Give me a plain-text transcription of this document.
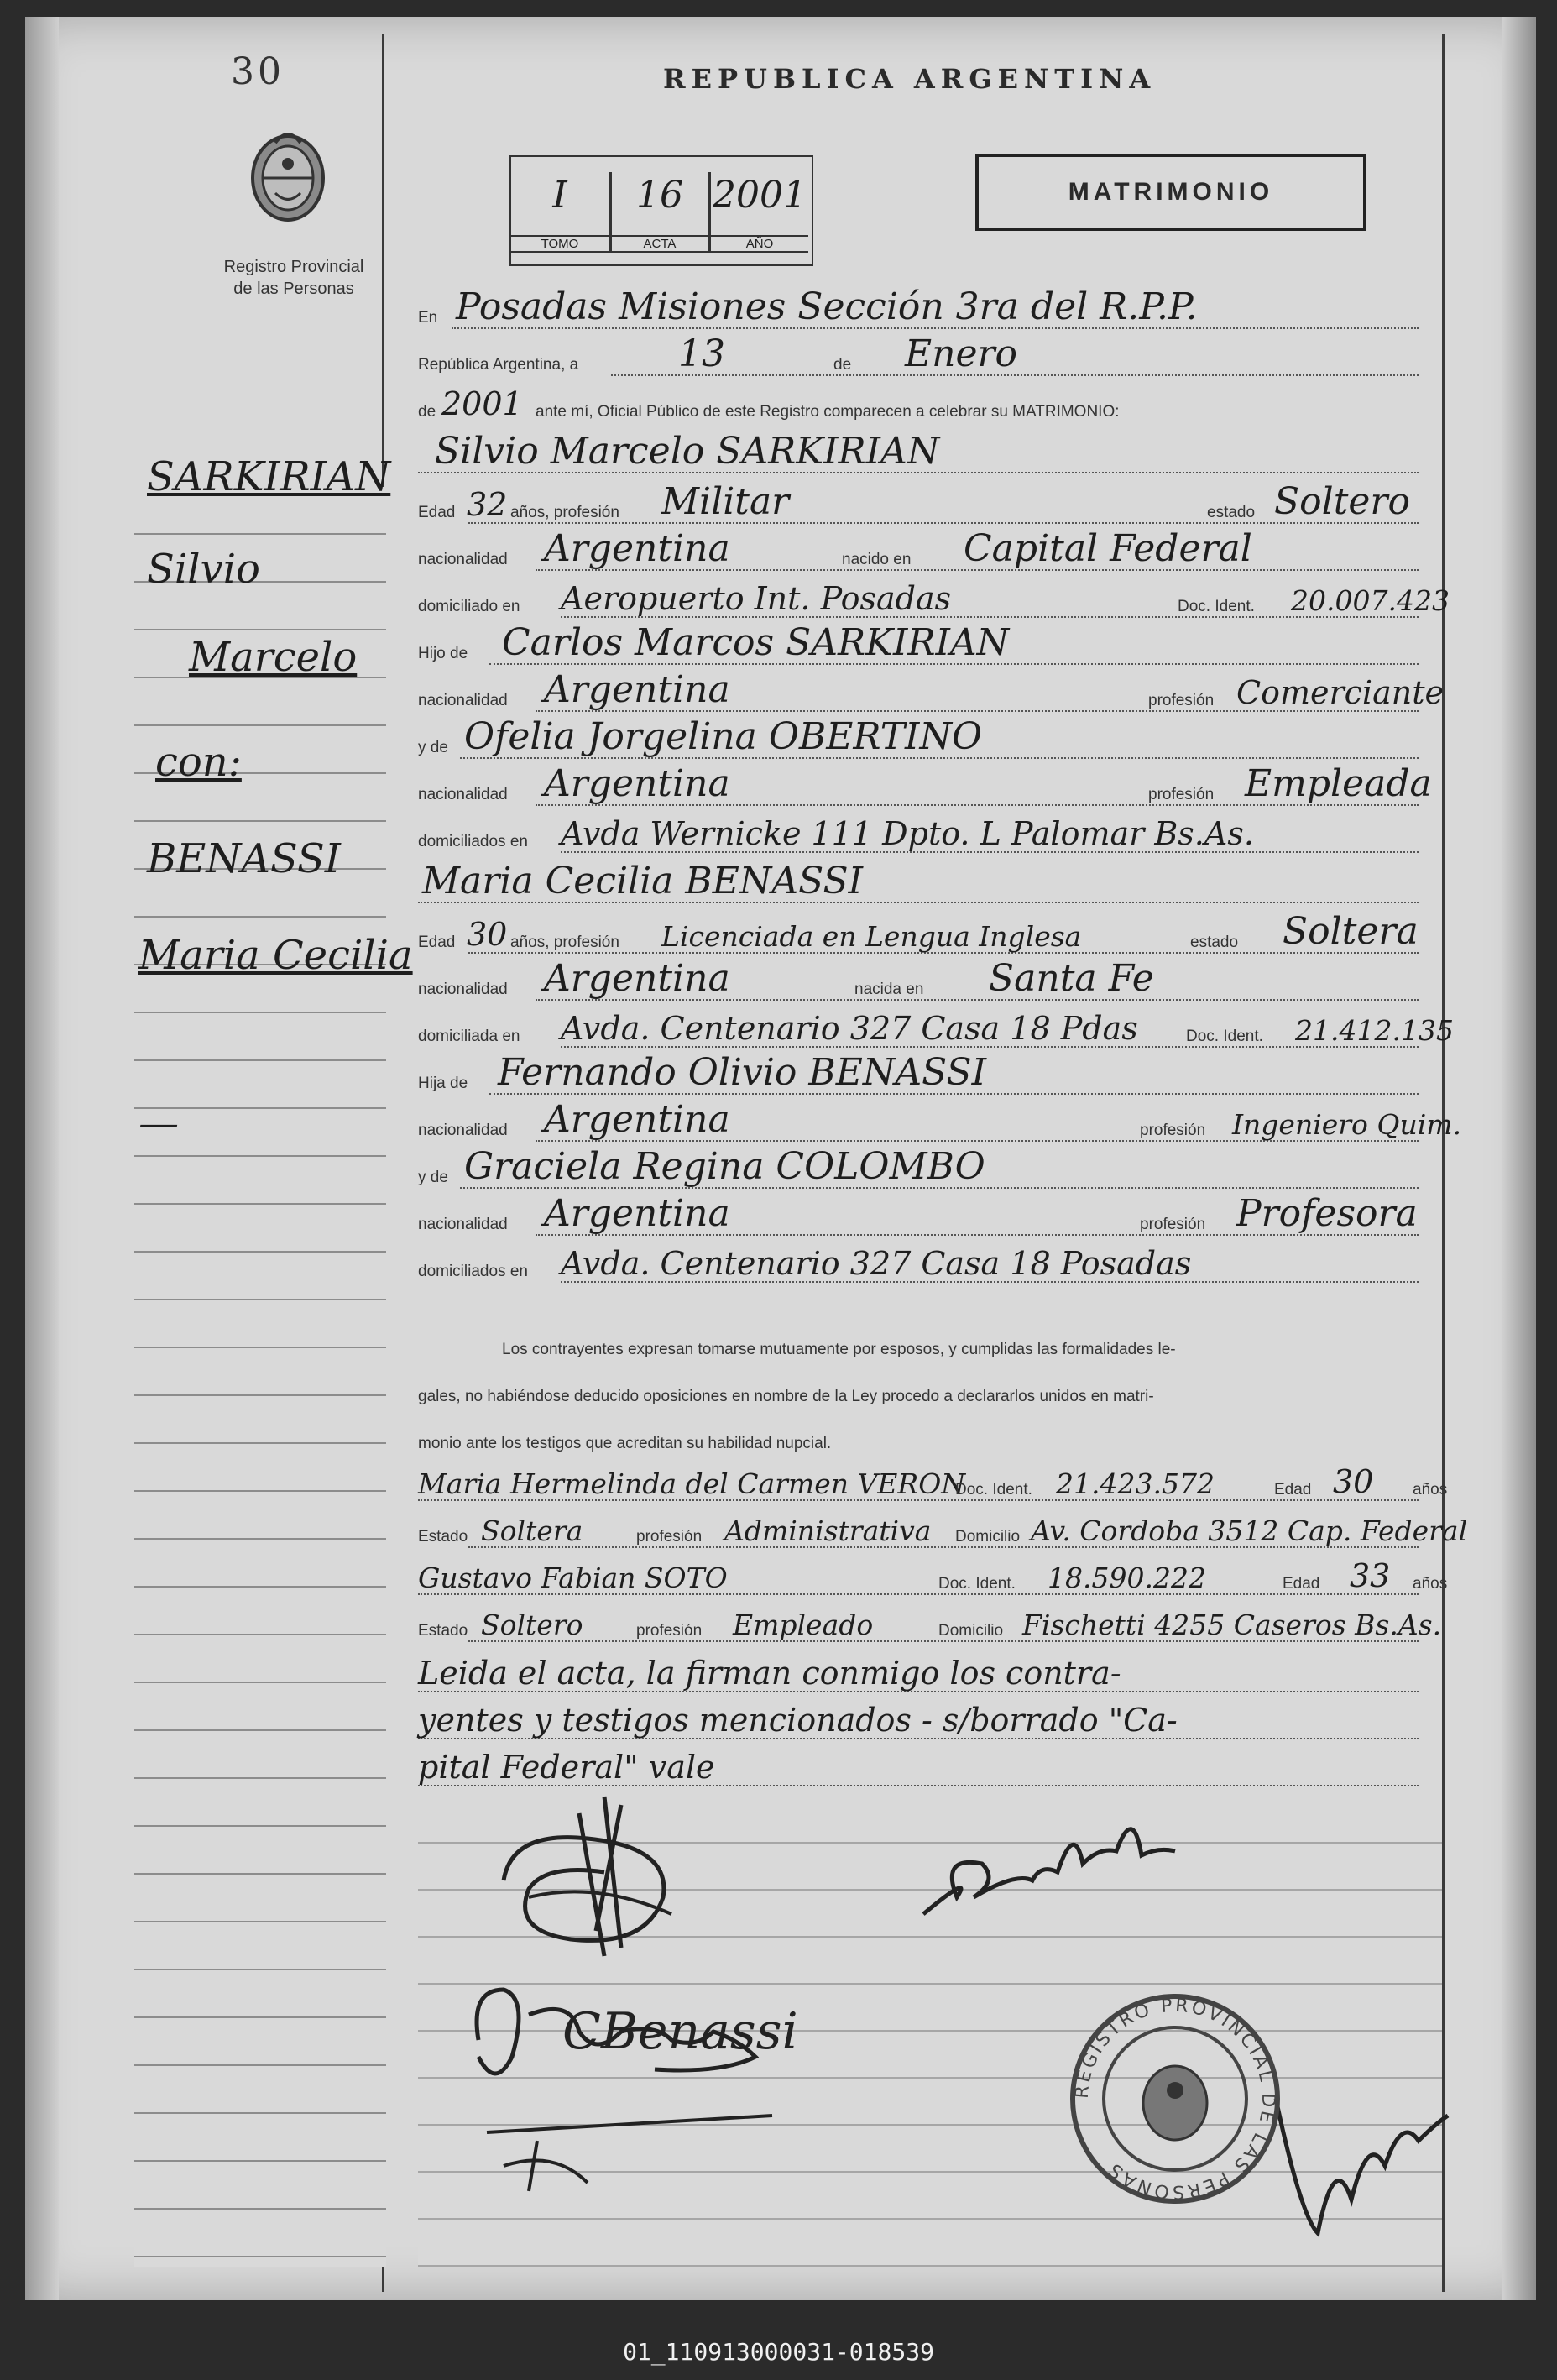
30
Registro Provincial
de las Personas
REPUBLICA ARGENTINA
I
TOMO
16
ACTA
2001
AÑO
MATRIMONIO
SARKIRIAN
Silvio
Marcelo
con:
BENASSI
Maria Cecilia
—
En Posadas Misiones Sección 3ra del R.P.P.
República Argentina, a	13	de Enero
de 2001 ante mí, Oficial Público de este Registro comparecen a celebrar su MATRIMONIO:
Silvio Marcelo SARKIRIAN
Edad 32 años, profesión Militar	estado Soltero
nacionalidad Argentina	nacido en Capital Federal
domiciliado en Aeropuerto Int. Posadas	Doc. Ident. 20.007.423
Hijo de Carlos Marcos SARKIRIAN
nacionalidad Argentina	profesión Comerciante
y de Ofelia Jorgelina OBERTINO
nacionalidad Argentina	profesión Empleada
domiciliados en Avda Wernicke 111 Dpto. L Palomar Bs.As.
Maria Cecilia BENASSI
Edad 30 años, profesión Licenciada en Lengua Inglesa	estado Soltera
nacionalidad Argentina	nacida en Santa Fe
domiciliada en Avda. Centenario 327 Casa 18 Pdas	Doc. Ident. 21.412.135
Hija de Fernando Olivio BENASSI
nacionalidad Argentina	profesión Ingeniero Quim.
y de Graciela Regina COLOMBO
nacionalidad Argentina	profesión Profesora
domiciliados en Avda. Centenario 327 Casa 18 Posadas
Los contrayentes expresan tomarse mutuamente por esposos, y cumplidas las formalidades le-
gales, no habiéndose deducido oposiciones en nombre de la Ley procedo a declararlos unidos en matri-
monio ante los testigos que acreditan su habilidad nupcial.
Maria Hermelinda del Carmen VERON
Doc. Ident. 21.423.572	Edad 30 años
Estado Soltera	profesión Administrativa Domicilio Av. Cordoba 3512 Cap. Federal
Gustavo Fabian SOTO	Doc. Ident. 18.590.222	Edad 33 años
Estado Soltero	profesión Empleado	Domicilio Fischetti 4255 Caseros Bs.As.
Leida el acta, la firman conmigo los contra-
yentes y testigos mencionados - s/borrado "Ca-
pital Federal" vale
CBenassi
REGISTRO PROVINCIAL DE LAS PERSONAS
01_110913000031-018539
